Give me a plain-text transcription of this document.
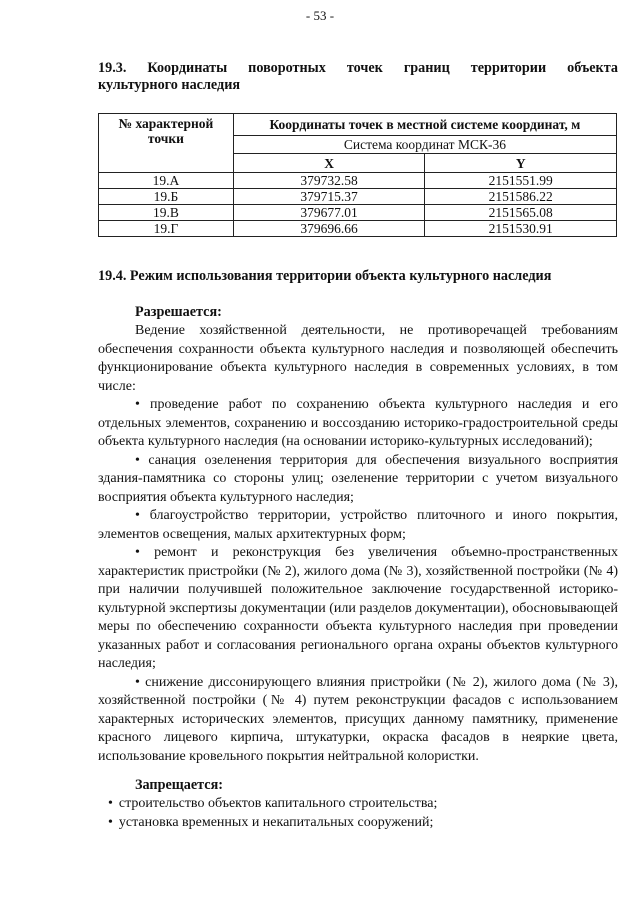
- 53 -
19.3. Координаты поворотных точек границ территории объекта
культурного наследия
№ характерной точки	Координаты точек в местной системе координат, м	
	Система координат МСК-36	
	X	Y
19.А	379732.58	2151551.99
19.Б	379715.37	2151586.22
19.В	379677.01	2151565.08
19.Г	379696.66	2151530.91
19.4. Режим использования территории объекта культурного наследия
Разрешается:

Ведение хозяйственной деятельности, не противоречащей требованиям обеспечения сохранности объекта культурного наследия и позволяющей обеспечить функционирование объекта культурного наследия в современных условиях, в том числе:

• проведение работ по сохранению объекта культурного наследия и его отдельных элементов, сохранению и воссозданию историко-градостроительной среды объекта культурного наследия (на основании историко-культурных исследований);

• санация озеленения территория для обеспечения визуального восприятия здания-памятника со стороны улиц; озеленение территории с учетом визуального восприятия объекта культурного наследия;

• благоустройство территории, устройство плиточного и иного покрытия, элементов освещения, малых архитектурных форм;

• ремонт и реконструкция без увеличения объемно-пространственных характеристик пристройки (№ 2), жилого дома (№ 3), хозяйственной постройки (№ 4) при наличии получившей положительное заключение государственной историко-культурной экспертизы документации (или разделов документации), обосновывающей меры по обеспечению сохранности объекта культурного наследия при проведении указанных работ и согласования регионального органа охраны объектов культурного наследия;

• снижение диссонирующего влияния пристройки (№ 2), жилого дома (№ 3), хозяйственной постройки (№ 4) путем реконструкции фасадов с использованием характерных исторических элементов, присущих данному памятнику, применение красного лицевого кирпича, штукатурки, окраска фасадов в неяркие цвета, использование кровельного покрытия нейтральной колористки.

Запрещается:

• строительство объектов капитального строительства;

• установка временных и некапитальных сооружений;
